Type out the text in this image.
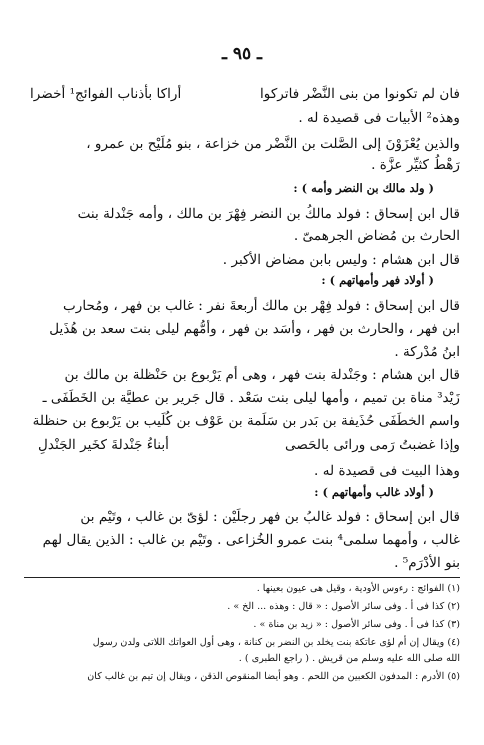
ـ ٩٥ ـ
فان لم تكونوا من بنى النَّضْر فاتركوا
أراكا بأذناب الفوائج¹ أخضرا
وهذه² الأبيات فى قصيدة له .
والذين يُعْزَوْنَ إلى الصَّلت بن النَّضْر من خزاعة ، بنو مُلَيْح بن عمرو ،
رَهْطُ كثيِّر عزَّة .
( ولد مالك بن النضر وأمه ) :
قال ابن إسحاق : فولد مالكُ بن النضر فِهْرَ بن مالك ، وأمه جَنْدلة بنت
الحارث بن مُضاض الجرهمىّ .
قال ابن هشام : وليس بابن مضاض الأكبر .
( أولاد فهر وأمهاتهم ) :
قال ابن إسحاق : فولد فِهْر بن مالك أربعةَ نفر : غالب بن فهر ، ومُحارب
ابن فهر ، والحارث بن فهر ، وأسَد بن فهر ، وأمُّهم ليلى بنت سعد بن هُذَيل
ابنُ مُدْركة .
قال ابن هشام : وجَنْدلة بنت فهر ، وهى أم يَرْبوع بن حَنْظلة بن مالك بن
زَيْد³ مناة بن تميم ، وأمها ليلى بنت سَعْد . قال جَرير بن عطيَّة بن الخَطَفَى ـ
واسم الخطَفَى حُذَيفة بن بَدر بن سَلَمة بن عَوْف بن كُلَيب بن يَرْبوع بن حنظلة
وإذا غضبتُ رَمى ورائى بالحَصى
أبناءُ جَنْدلةَ كخَير الجَنْدلِ
وهذا البيت فى قصيدة له .
( أولاد غالب وأمهاتهم ) :
قال ابن إسحاق : فولد غالبُ بن فهر رجلَيْن : لؤىّ بن غالب ، وتَيْم بن
غالب ، وأمهما سلمى⁴ بنت عمرو الخُزاعى . وتَيْم بن غالب : الذين يقال لهم
بنو الأدْرَم⁵ .
(١) الفوائج : رءوس الأودية ، وقيل هى عيون بعينها .
(٢) كذا فى أ . وفى سائر الأصول : « قال : وهذه ... الخ » .
(٣) كذا فى أ . وفى سائر الأصول : « زيد بن مناة » .
(٤) ويقال إن أم لؤى عاتكة بنت يخلد بن النضر بن كنانة ، وهى أول العواتك اللاتى ولدن رسول
الله صلى الله عليه وسلم من قريش . ( راجع الطبرى ) .
(٥) الأدرم : المدفون الكعبين من اللحم . وهو أيضا المنقوص الذقن ، ويقال إن تيم بن غالب كان
